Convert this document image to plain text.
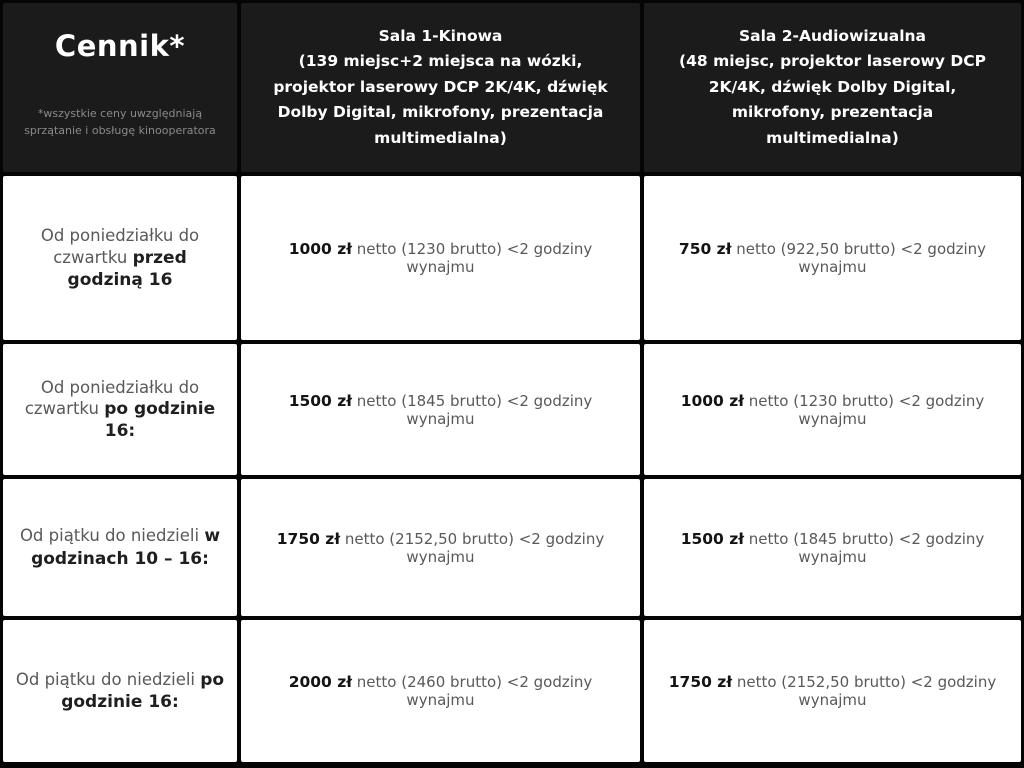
Cennik*
*wszystkie ceny uwzględniają sprzątanie i obsługę kinooperatora
Sala 1-Kinowa
(139 miejsc+2 miejsca na wózki, projektor laserowy DCP 2K/4K, dźwięk Dolby Digital, mikrofony, prezentacja multimedialna)
Sala 2-Audiowizualna
(48 miejsc, projektor laserowy DCP 2K/4K, dźwięk Dolby Digital, mikrofony, prezentacja multimedialna)
Od poniedziałku do czwartku przed godziną 16
1000 zł netto (1230 brutto) <2 godziny wynajmu
750 zł netto (922,50 brutto) <2 godziny wynajmu
Od poniedziałku do czwartku po godzinie 16:
1500 zł netto (1845 brutto) <2 godziny wynajmu
1000 zł netto (1230 brutto) <2 godziny wynajmu
Od piątku do niedzieli w godzinach 10 – 16:
1750 zł netto (2152,50 brutto) <2 godziny wynajmu
1500 zł netto (1845 brutto) <2 godziny wynajmu
Od piątku do niedzieli po godzinie 16:
2000 zł netto (2460 brutto) <2 godziny wynajmu
1750 zł netto (2152,50 brutto) <2 godziny wynajmu
